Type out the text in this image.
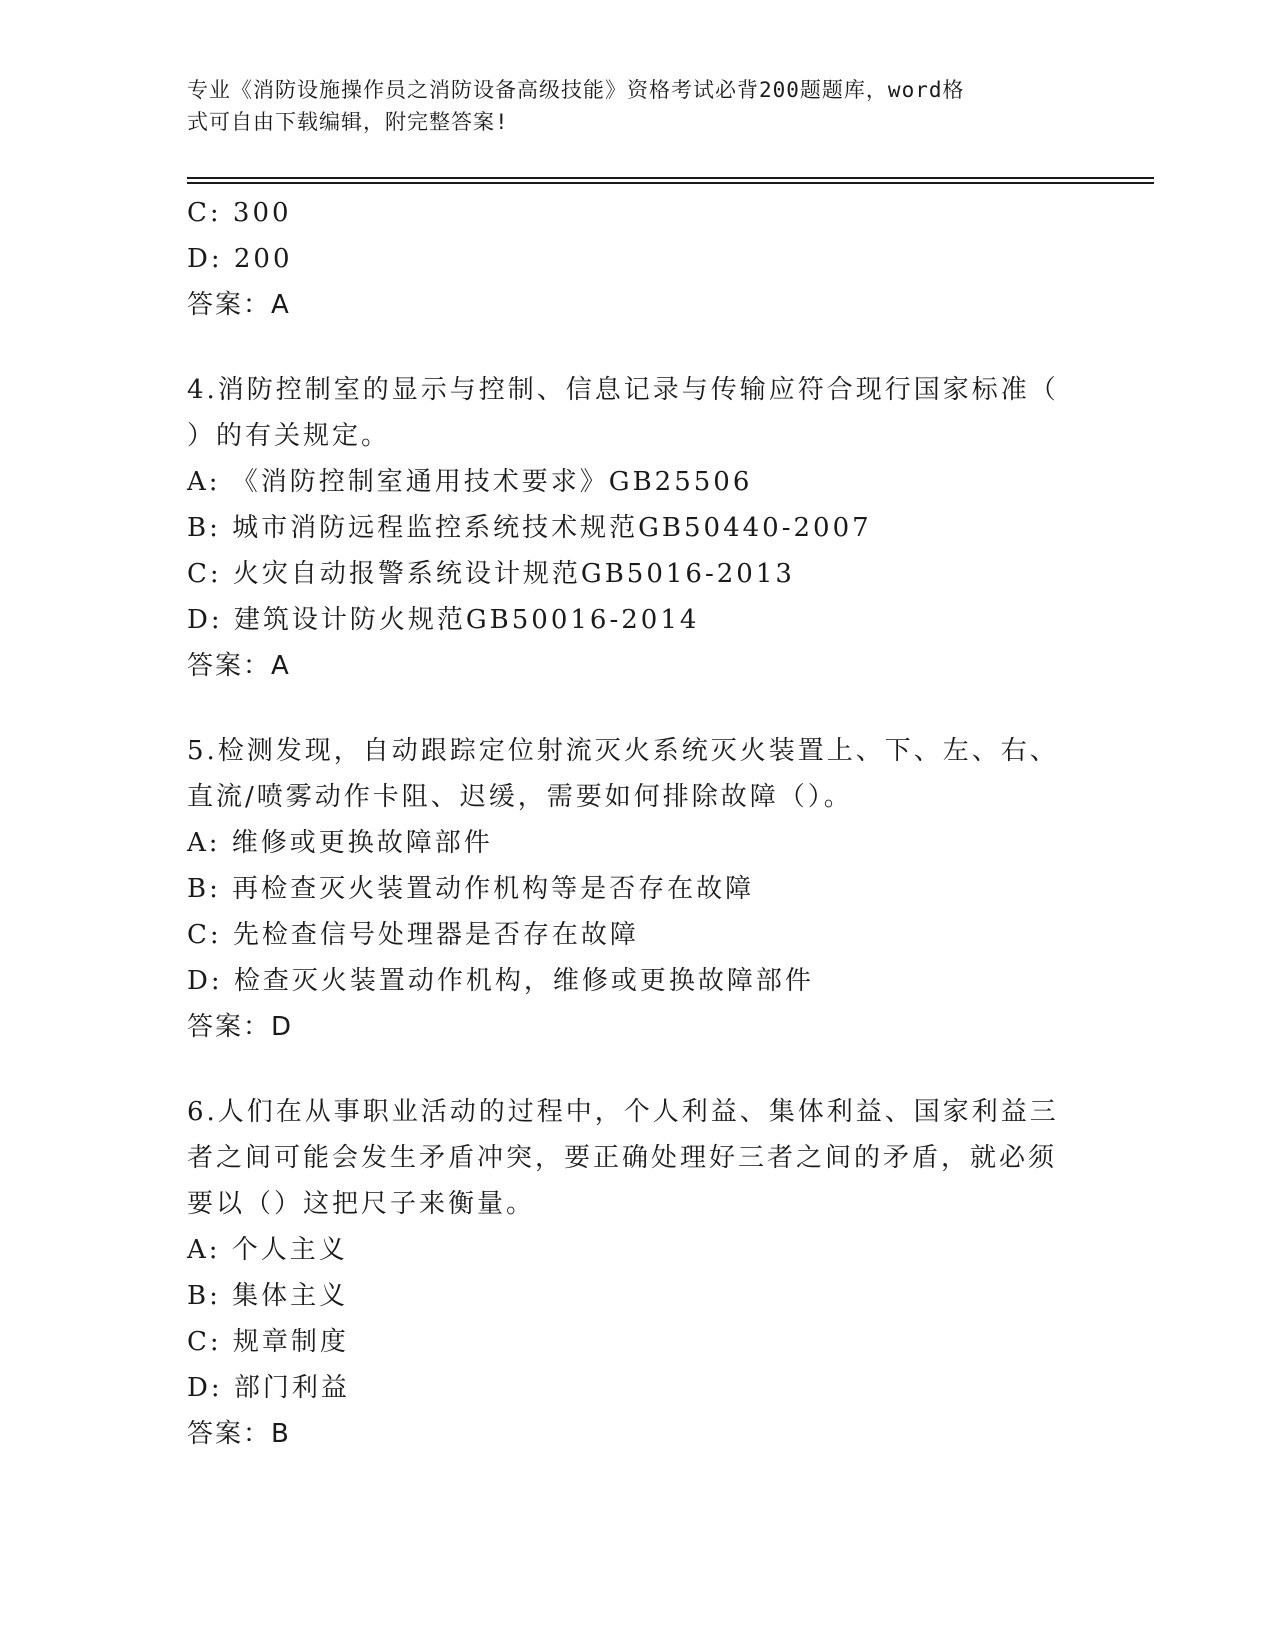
专业《消防设施操作员之消防设备高级技能》资格考试必背200题题库，word格
式可自由下载编辑，附完整答案!
C: 300
D: 200
答案：A
4.消防控制室的显示与控制、信息记录与传输应符合现行国家标准（
）的有关规定。
A: 《消防控制室通用技术要求》GB25506
B: 城市消防远程监控系统技术规范GB50440-2007
C: 火灾自动报警系统设计规范GB5016-2013
D: 建筑设计防火规范GB50016-2014
答案：A
5.检测发现，自动跟踪定位射流灭火系统灭火装置上、下、左、右、
直流/喷雾动作卡阻、迟缓，需要如何排除故障（）。
A: 维修或更换故障部件
B: 再检查灭火装置动作机构等是否存在故障
C: 先检查信号处理器是否存在故障
D: 检查灭火装置动作机构，维修或更换故障部件
答案：D
6.人们在从事职业活动的过程中，个人利益、集体利益、国家利益三
者之间可能会发生矛盾冲突，要正确处理好三者之间的矛盾，就必须
要以（）这把尺子来衡量。
A: 个人主义
B: 集体主义
C: 规章制度
D: 部门利益
答案：B
